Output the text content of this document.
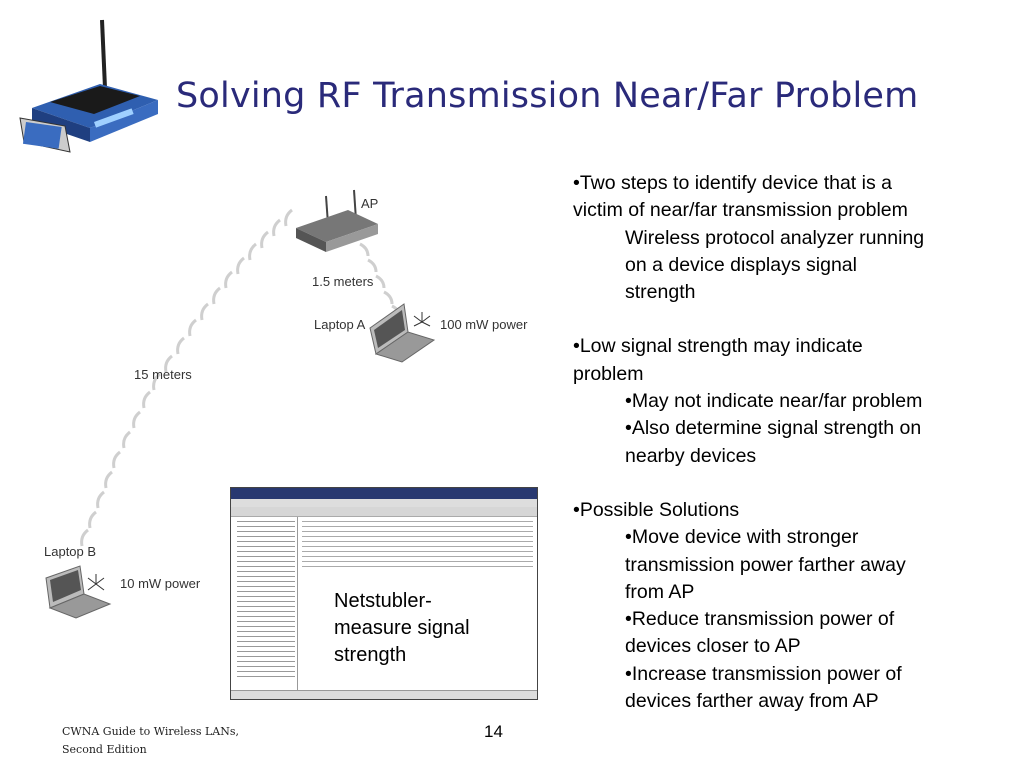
Solving RF Transmission Near/Far Problem
AP
1.5 meters
Laptop A	100 mW power
15 meters
Laptop B
10 mW power
Netstubler-
measure signal
strength
•Two steps to identify device that is a
victim of near/far transmission problem
Wireless protocol analyzer running
on a device displays signal
strength
•Low signal strength may indicate
problem
•May not indicate near/far problem
•Also determine signal strength on
nearby devices
•Possible Solutions
•Move device with stronger
transmission power farther away
from AP
•Reduce transmission power of
devices closer to AP
•Increase transmission power of
devices farther away from AP
CWNA Guide to Wireless LANs,
Second Edition
14
